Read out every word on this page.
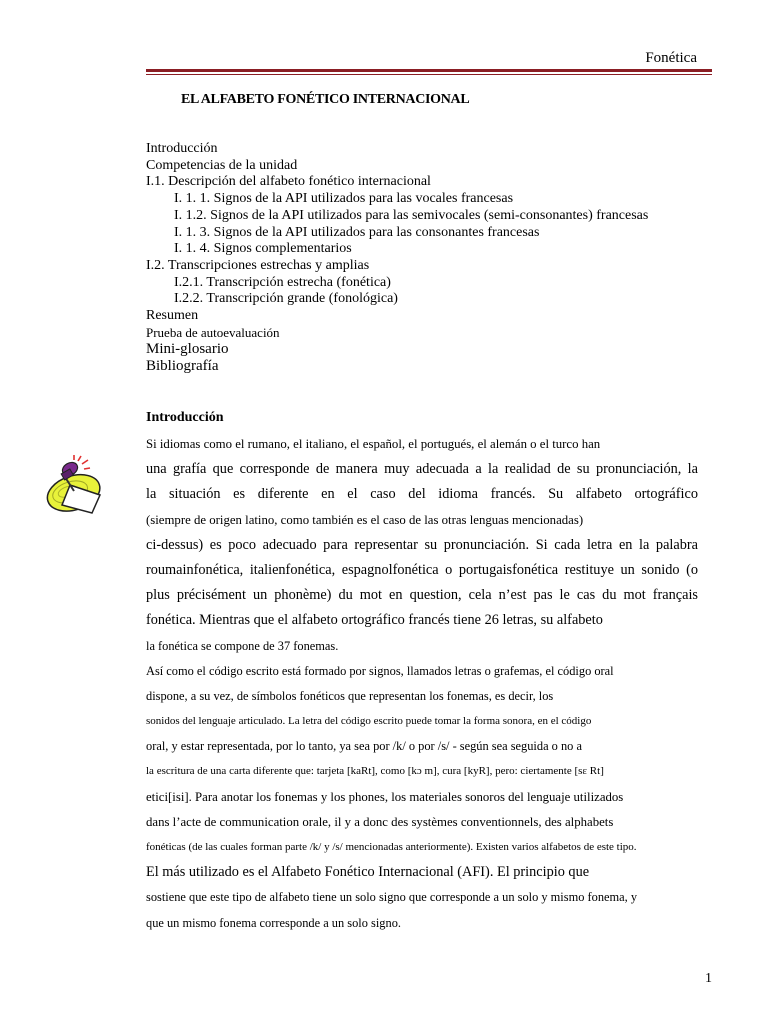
Fonética
EL ALFABETO FONÉTICO INTERNACIONAL
Introducción
Competencias de la unidad
I.1. Descripción del alfabeto fonético internacional
I. 1. 1. Signos de la API utilizados para las vocales francesas
I. 1.2. Signos de la API utilizados para las semivocales (semi-consonantes) francesas
I. 1. 3. Signos de la API utilizados para las consonantes francesas
I. 1. 4. Signos complementarios
I.2. Transcripciones estrechas y amplias
I.2.1. Transcripción estrecha (fonética)
I.2.2. Transcripción grande (fonológica)
Resumen
Prueba de autoevaluación
Mini-glosario
Bibliografía
Introducción
Si idiomas como el rumano, el italiano, el español, el portugués, el alemán o el turco han
una grafía que corresponde de manera muy adecuada a la realidad de su pronunciación, la
la situación es diferente en el caso del idioma francés. Su alfabeto ortográfico
(siempre de origen latino, como también es el caso de las otras lenguas mencionadas)
ci-dessus) es poco adecuado para representar su pronunciación. Si cada letra en la palabra
roumainfonética, italienfonética, espagnolfonética o portugaisfonética restituye un sonido (o
plus précisément un phonème) du mot en question, cela n’est pas le cas du mot français
fonética. Mientras que el alfabeto ortográfico francés tiene 26 letras, su alfabeto
la fonética se compone de 37 fonemas.
Así como el código escrito está formado por signos, llamados letras o grafemas, el código oral
dispone, a su vez, de símbolos fonéticos que representan los fonemas, es decir, los
sonidos del lenguaje articulado. La letra del código escrito puede tomar la forma sonora, en el código
oral, y estar representada, por lo tanto, ya sea por /k/ o por /s/ - según sea seguida o no a
la escritura de una carta diferente que: tarjeta [kaRt], como [kɔ m], cura [kyR], pero: ciertamente [sɛ Rt]
etici[isi]. Para anotar los fonemas y los phones, los materiales sonoros del lenguaje utilizados
dans l’acte de communication orale, il y a donc des systèmes conventionnels, des alphabets
fonéticas (de las cuales forman parte /k/ y /s/ mencionadas anteriormente). Existen varios alfabetos de este tipo.
El más utilizado es el Alfabeto Fonético Internacional (AFI). El principio que
sostiene que este tipo de alfabeto tiene un solo signo que corresponde a un solo y mismo fonema, y
que un mismo fonema corresponde a un solo signo.
1
